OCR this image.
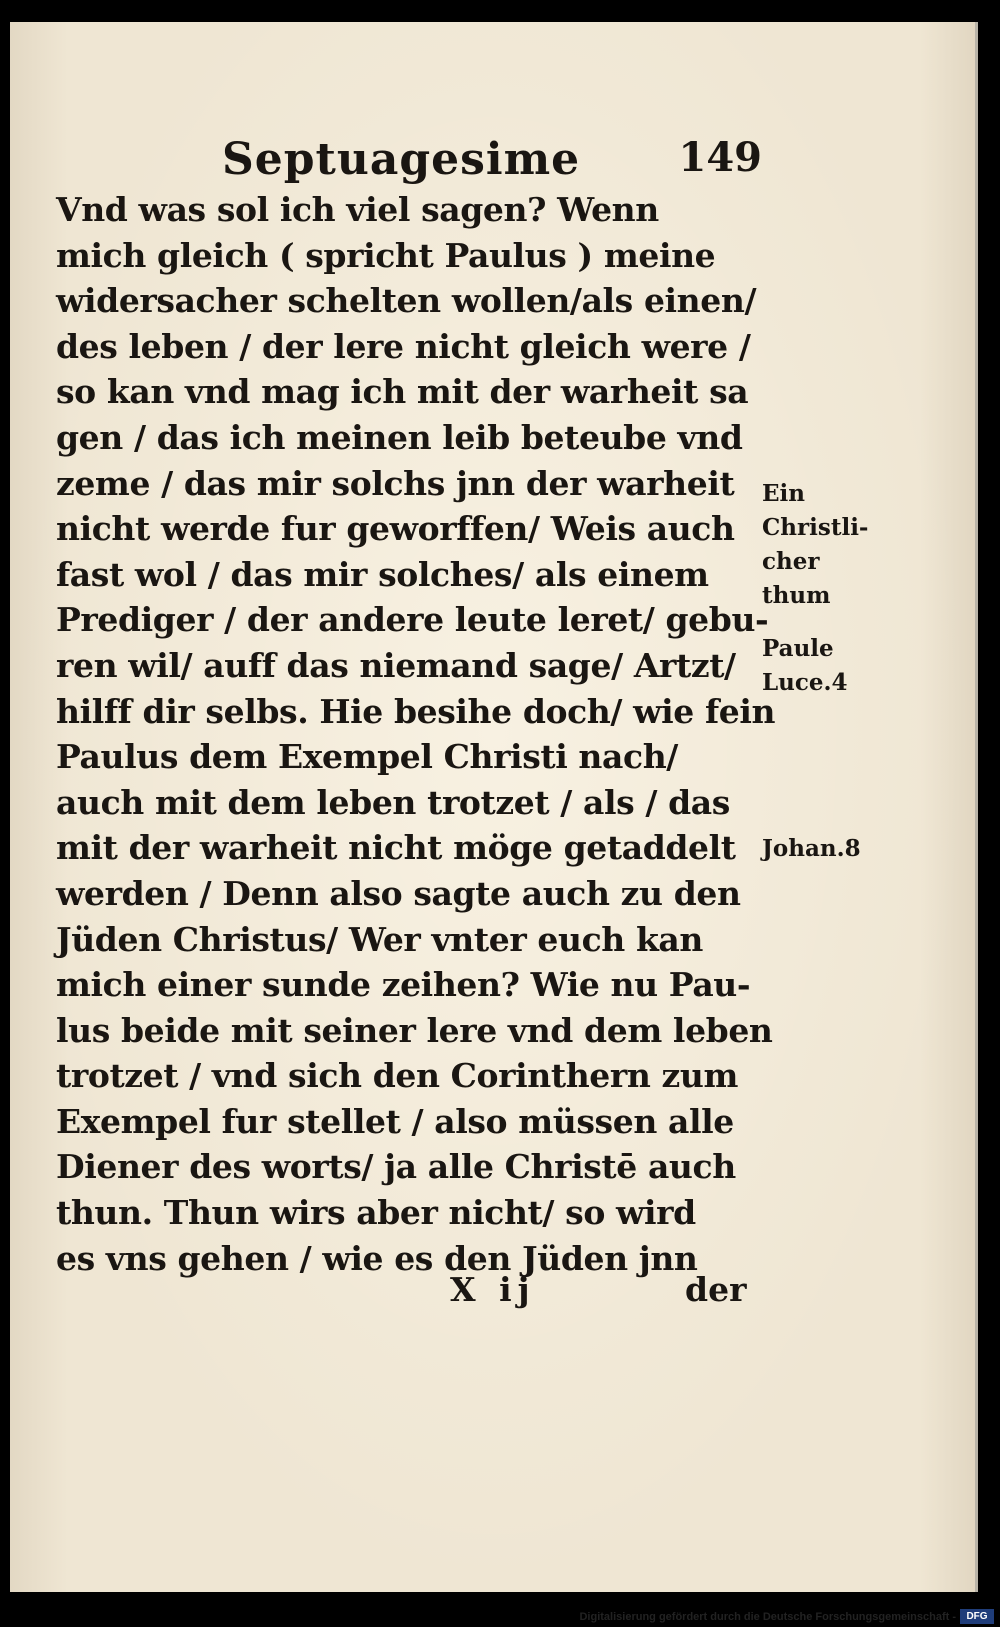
Septuagesime 149
Vnd was sol ich viel sagen? Wenn
mich gleich ( spricht Paulus ) meine
widersacher schelten wollen/als einen/
des leben / der lere nicht gleich were /
so kan vnd mag ich mit der warheit sa
gen / das ich meinen leib beteube vnd
zeme / das mir solchs jnn der warheit
nicht werde fur geworffen/ Weis auch
fast wol / das mir solches/ als einem
Prediger / der andere leute leret/ gebu-
ren wil/ auff das niemand sage/ Artzt/
hilff dir selbs. Hie besihe doch/ wie fein
Paulus dem Exempel Christi nach/
auch mit dem leben trotzet / als / das
mit der warheit nicht möge getaddelt
werden / Denn also sagte auch zu den
Jüden Christus/ Wer vnter euch kan
mich einer sunde zeihen? Wie nu Pau-
lus beide mit seiner lere vnd dem leben
trotzet / vnd sich den Corinthern zum
Exempel fur stellet / also müssen alle
Diener des worts/ ja alle Christē auch
thun. Thun wirs aber nicht/ so wird
es vns gehen / wie es den Jüden jnn
Ein
Christli-
cher
thum
Paule
Luce.4
Johan.8
X ij	der
Digitalisierung gefördert durch die Deutsche Forschungsgemeinschaft -	DFG
